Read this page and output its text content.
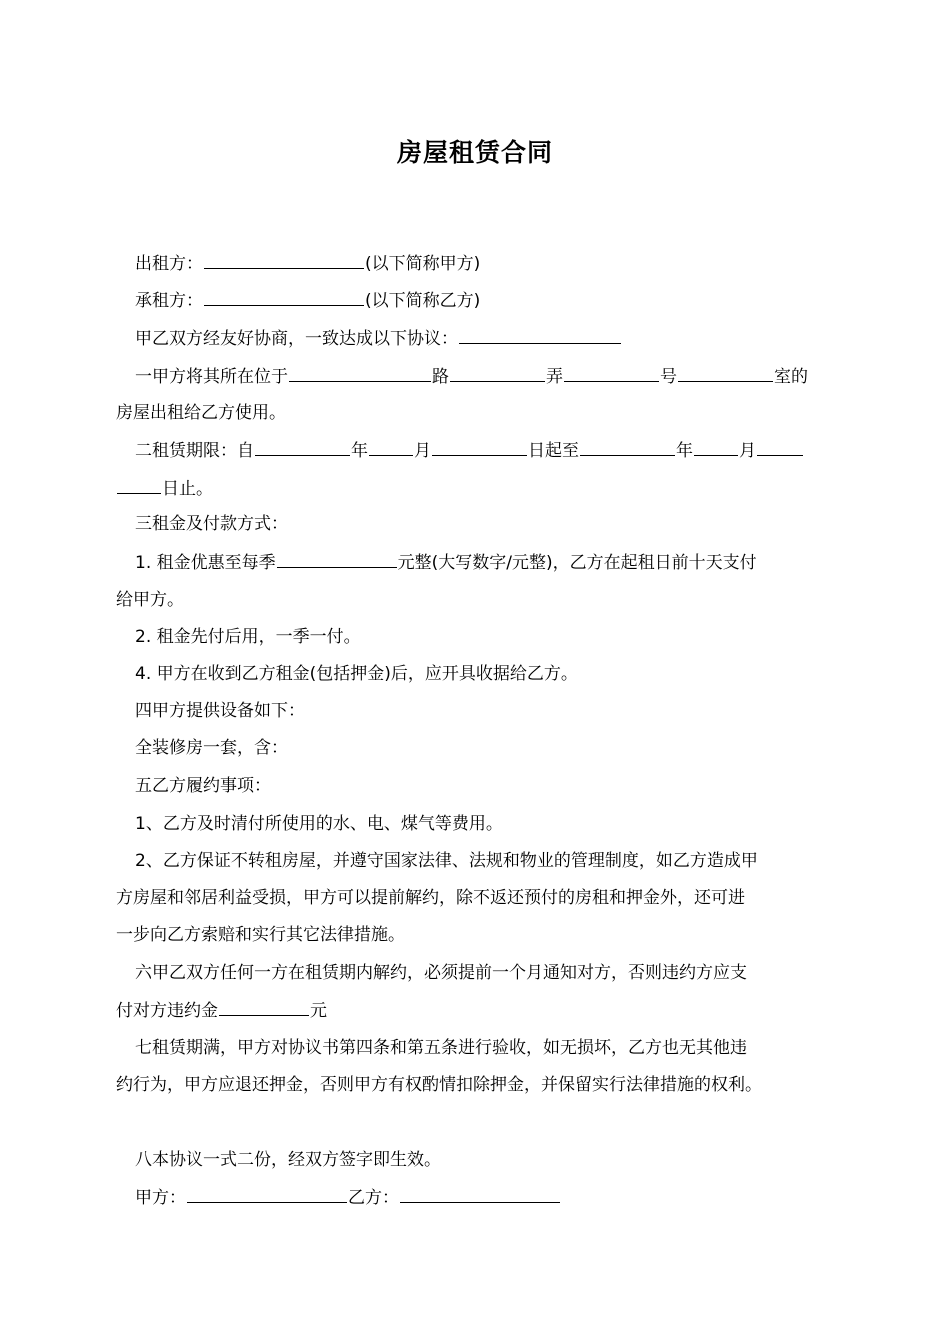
房屋租赁合同
出租方：	(以下简称甲方)
承租方：	(以下简称乙方)
甲乙双方经友好协商，一致达成以下协议：
一甲方将其所在位于	路	弄	号	室的
房屋出租给乙方使用。
二租赁期限：自	年	月	日起至	年	月
日止。
三租金及付款方式：
1. 租金优惠至每季	元整(大写数字/元整)，乙方在起租日前十天支付
给甲方。
2. 租金先付后用，一季一付。
4. 甲方在收到乙方租金(包括押金)后，应开具收据给乙方。
四甲方提供设备如下：
全装修房一套，含：
五乙方履约事项：
1、乙方及时清付所使用的水、电、煤气等费用。
2、乙方保证不转租房屋，并遵守国家法律、法规和物业的管理制度，如乙方造成甲
方房屋和邻居利益受损，甲方可以提前解约，除不返还预付的房租和押金外，还可进
一步向乙方索赔和实行其它法律措施。
六甲乙双方任何一方在租赁期内解约，必须提前一个月通知对方，否则违约方应支
付对方违约金	元
七租赁期满，甲方对协议书第四条和第五条进行验收，如无损坏，乙方也无其他违
约行为，甲方应退还押金，否则甲方有权酌情扣除押金，并保留实行法律措施的权利。
八本协议一式二份，经双方签字即生效。
甲方：	乙方：
